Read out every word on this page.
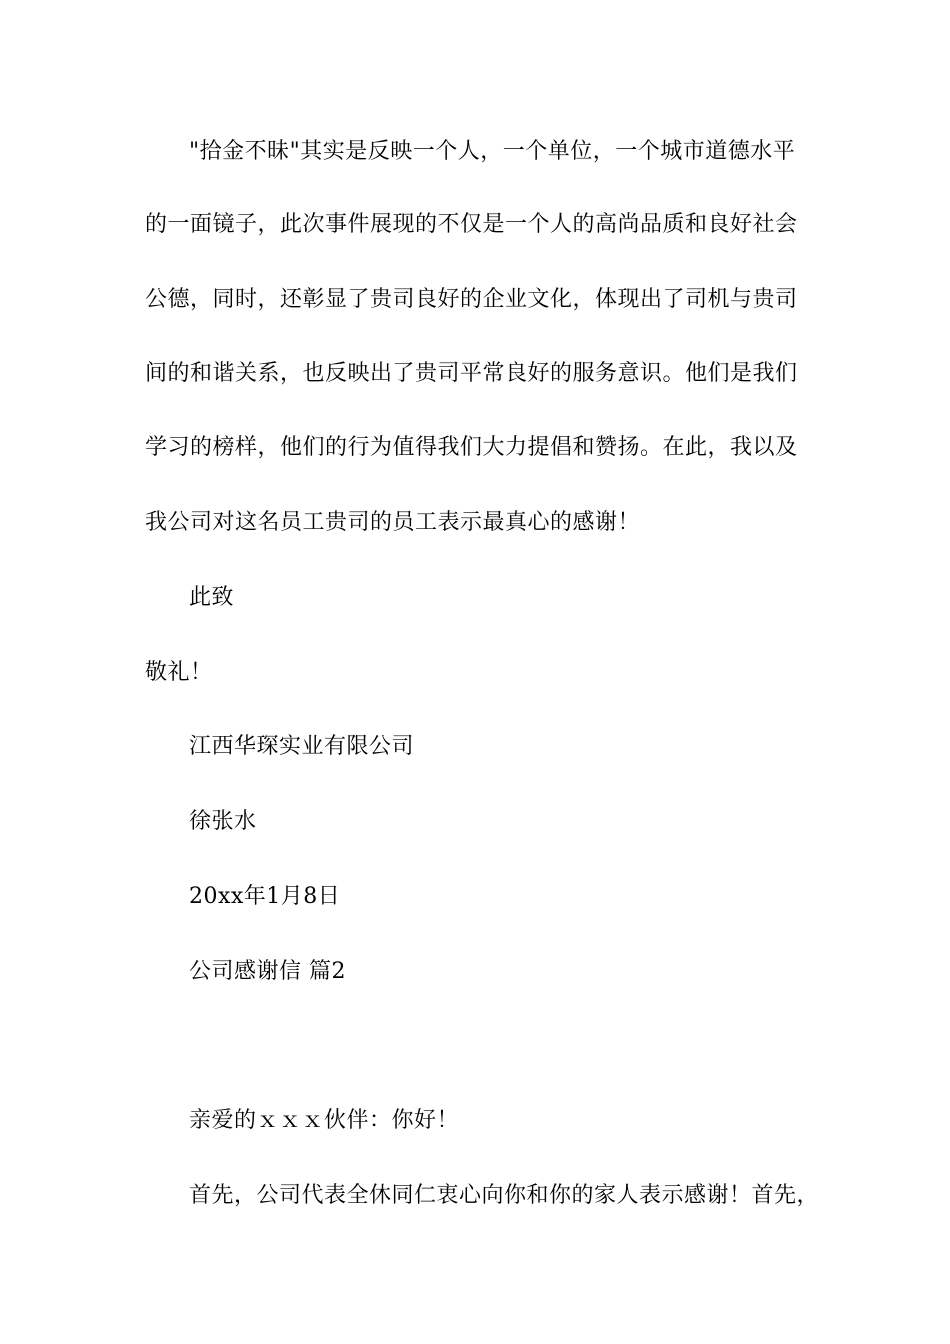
"拾金不昧"其实是反映一个人，一个单位，一个城市道德水平
的一面镜子，此次事件展现的不仅是一个人的高尚品质和良好社会
公德，同时，还彰显了贵司良好的企业文化，体现出了司机与贵司
间的和谐关系，也反映出了贵司平常良好的服务意识。他们是我们
学习的榜样，他们的行为值得我们大力提倡和赞扬。在此，我以及
我公司对这名员工贵司的员工表示最真心的感谢！
此致
敬礼！
江西华琛实业有限公司
徐张水
20xx年1月8日
公司感谢信 篇2
亲爱的ｘｘｘ伙伴：你好！
首先，公司代表全休同仁衷心向你和你的家人表示感谢！首先，
